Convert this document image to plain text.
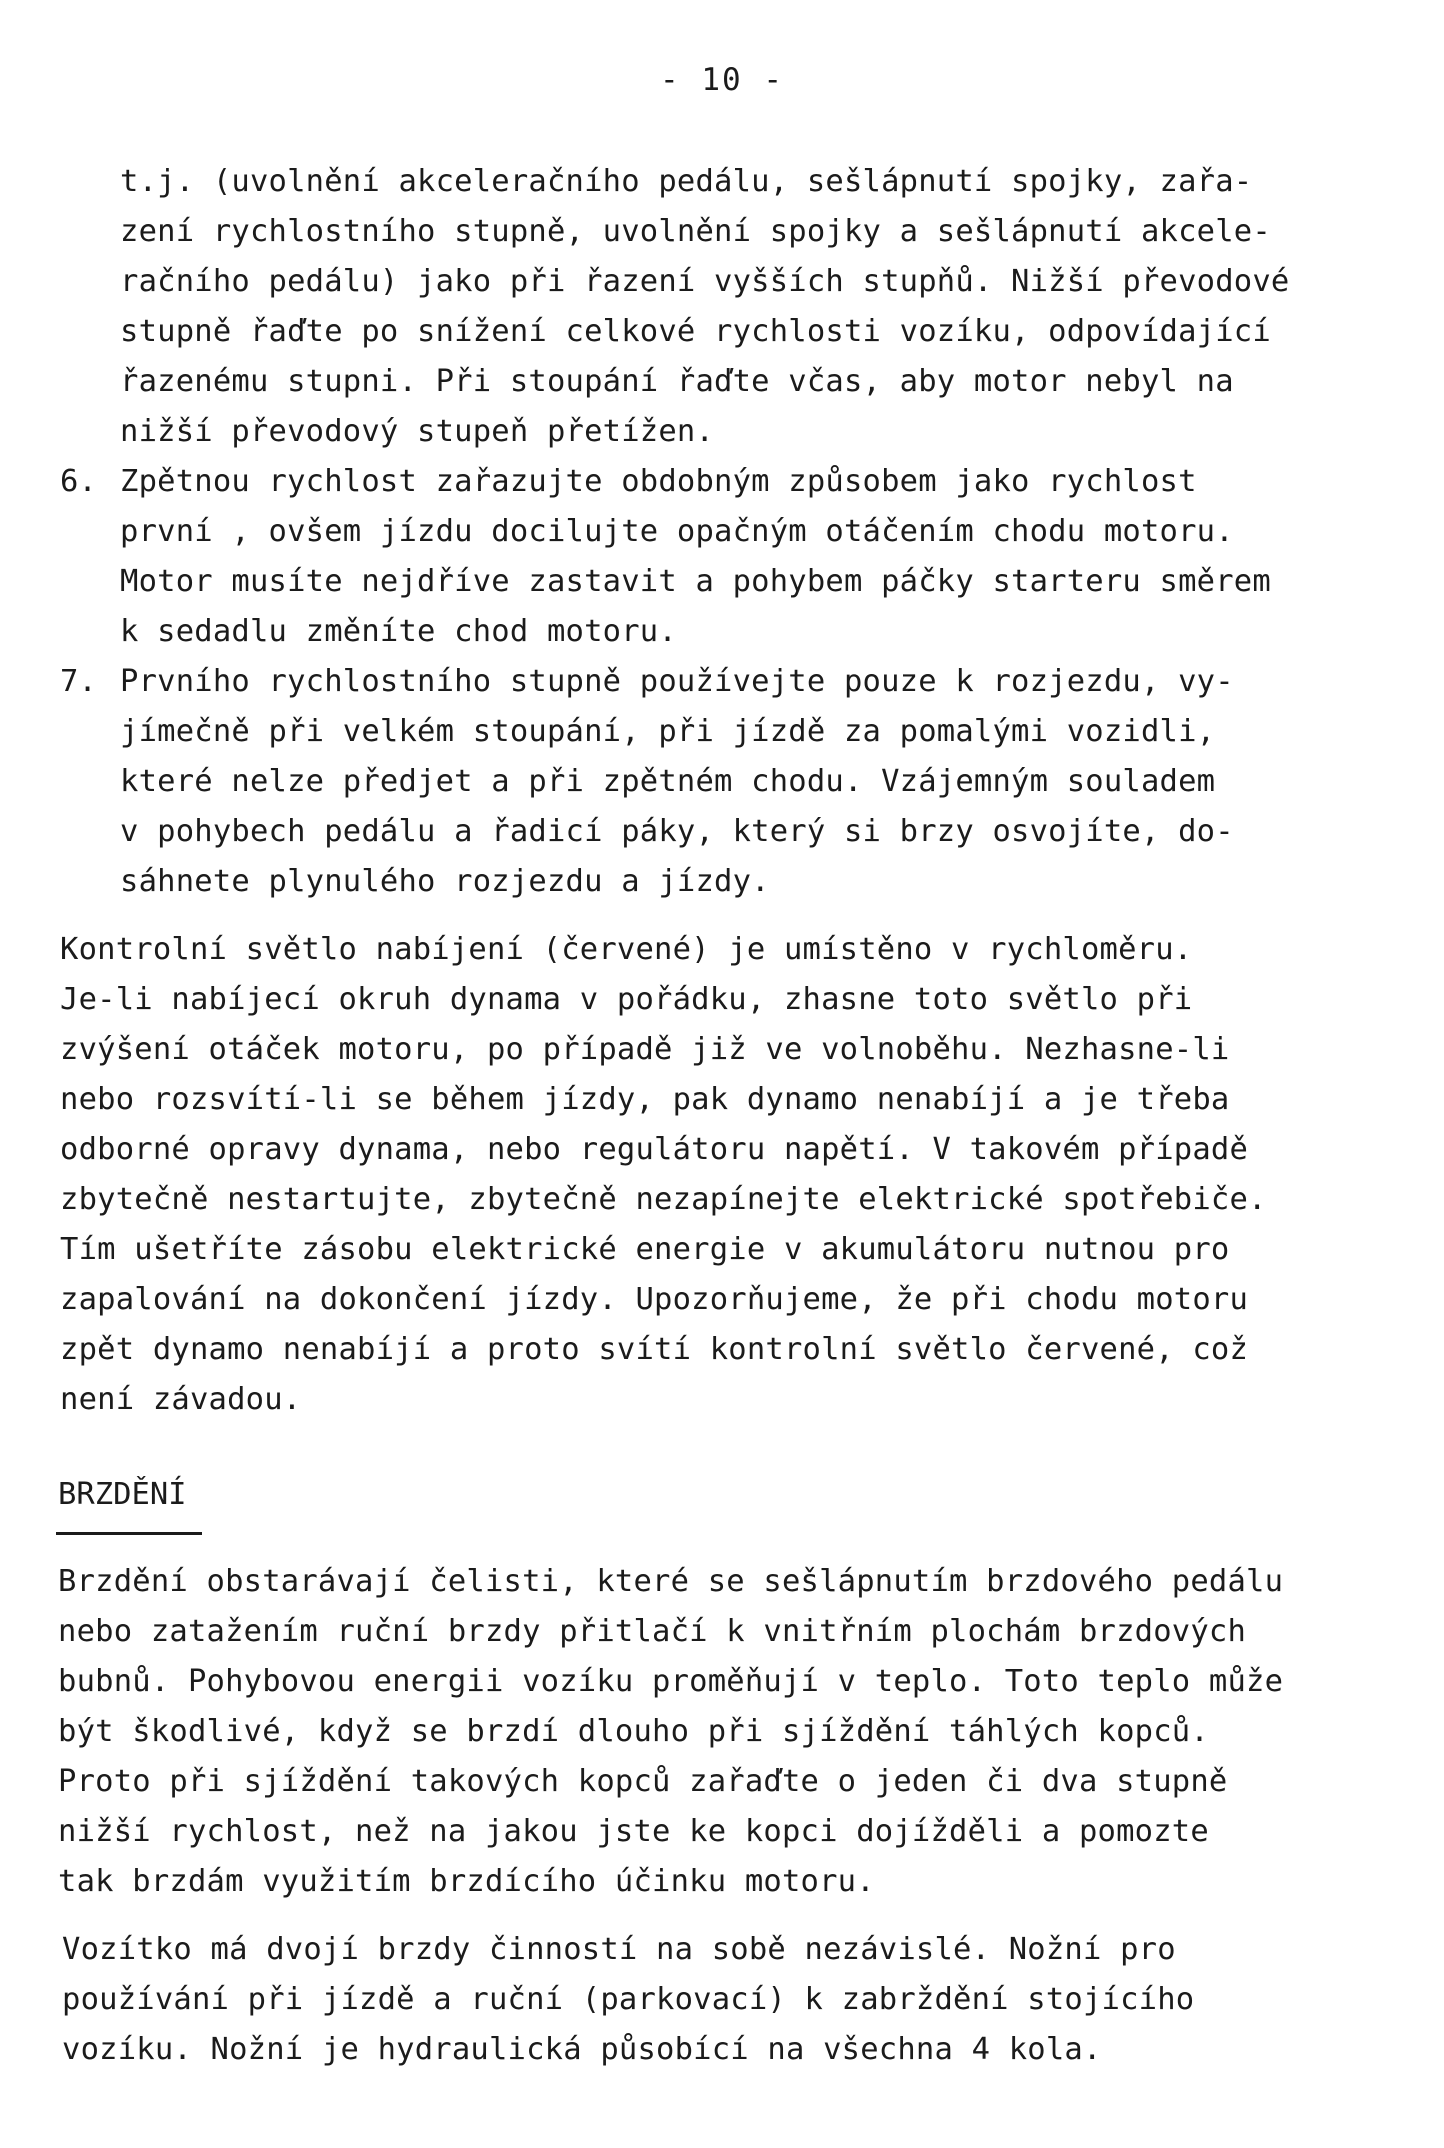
- 10 -
t.j. (uvolnění akceleračního pedálu, sešlápnutí spojky, zařa-
zení rychlostního stupně, uvolnění spojky a sešlápnutí akcele-
račního pedálu) jako při řazení vyšších stupňů. Nižší převodové
stupně řaďte po snížení celkové rychlosti vozíku, odpovídající
řazenému stupni. Při stoupání řaďte včas, aby motor nebyl na
nižší převodový stupeň přetížen.
6. Zpětnou rychlost zařazujte obdobným způsobem jako rychlost
první , ovšem jízdu docilujte opačným otáčením chodu motoru.
Motor musíte nejdříve zastavit a pohybem páčky starteru směrem
k sedadlu změníte chod motoru.
7. Prvního rychlostního stupně používejte pouze k rozjezdu, vy-
jímečně při velkém stoupání, při jízdě za pomalými vozidli,
které nelze předjet a při zpětném chodu. Vzájemným souladem
v pohybech pedálu a řadicí páky, který si brzy osvojíte, do-
sáhnete plynulého rozjezdu a jízdy.
Kontrolní světlo nabíjení (červené) je umístěno v rychloměru.
Je-li nabíjecí okruh dynama v pořádku, zhasne toto světlo při
zvýšení otáček motoru, po případě již ve volnoběhu. Nezhasne-li
nebo rozsvítí-li se během jízdy, pak dynamo nenabíjí a je třeba
odborné opravy dynama, nebo regulátoru napětí. V takovém případě
zbytečně nestartujte, zbytečně nezapínejte elektrické spotřebiče.
Tím ušetříte zásobu elektrické energie v akumulátoru nutnou pro
zapalování na dokončení jízdy. Upozorňujeme, že při chodu motoru
zpět dynamo nenabíjí a proto svítí kontrolní světlo červené, což
není závadou.
BRZDĚNÍ
Brzdění obstarávají čelisti, které se sešlápnutím brzdového pedálu
nebo zatažením ruční brzdy přitlačí k vnitřním plochám brzdových
bubnů. Pohybovou energii vozíku proměňují v teplo. Toto teplo může
být škodlivé, když se brzdí dlouho při sjíždění táhlých kopců.
Proto při sjíždění takových kopců zařaďte o jeden či dva stupně
nižší rychlost, než na jakou jste ke kopci dojížděli a pomozte
tak brzdám využitím brzdícího účinku motoru.
Vozítko má dvojí brzdy činností na sobě nezávislé. Nožní pro
používání při jízdě a ruční (parkovací) k zabrždění stojícího
vozíku. Nožní je hydraulická působící na všechna 4 kola.
